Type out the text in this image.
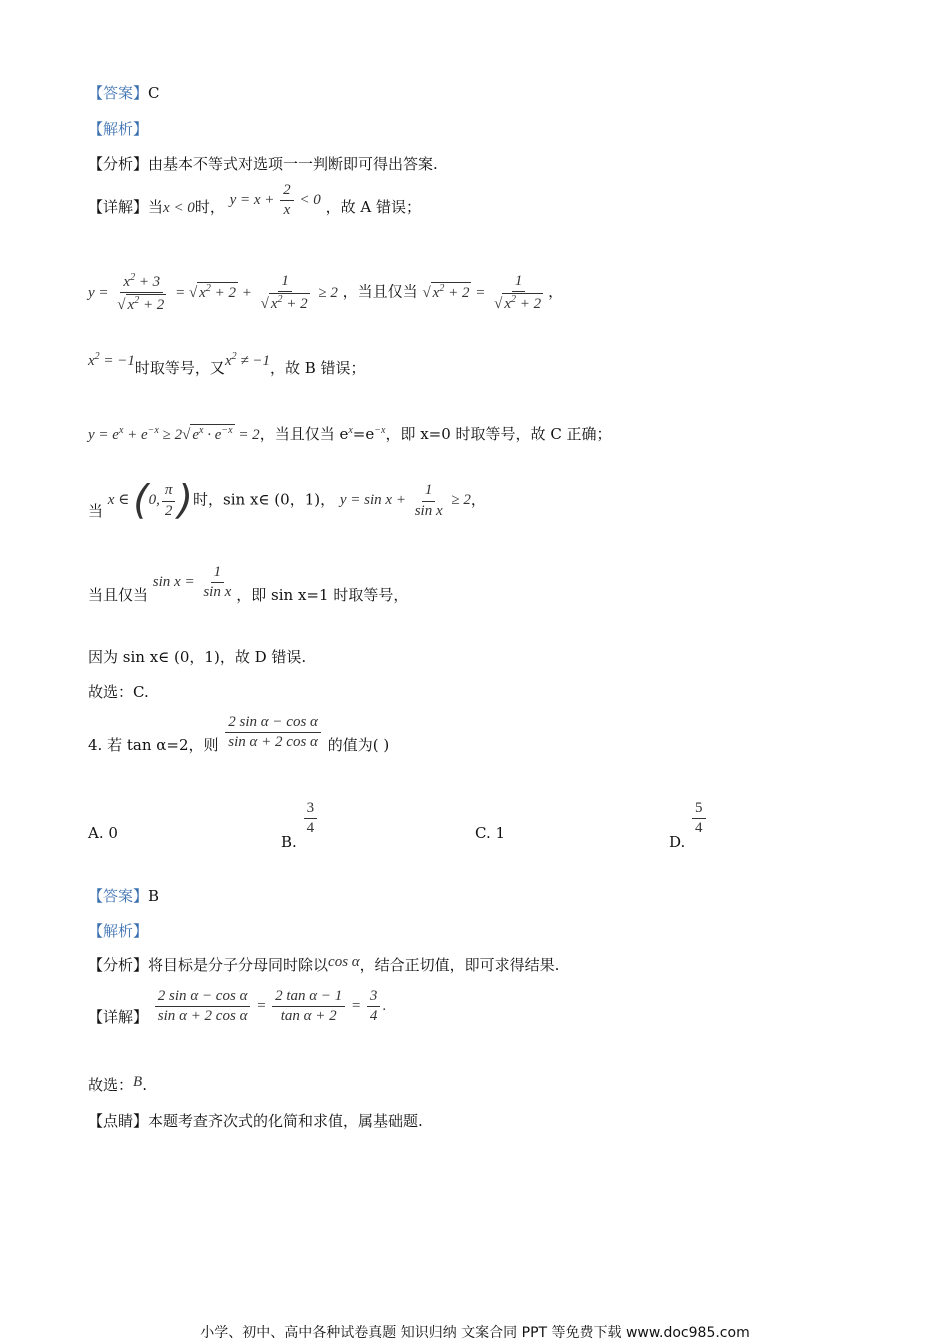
【答案】C
【解析】
【分析】由基本不等式对选项一一判断即可得出答案.
【详解】当x < 0时， $y = x + \frac{2}{x} < 0$ ，故 A 错误；
$y = \frac{x^2 + 3}{√ x^2 + 2}$ = √ $x^2 + 2 + \frac{1}{√ x^2 + 2} \ge 2$ ，当且仅当 √ $x^2 + 2 = \frac{1}{√ x^2 + 2}$ ，
$x^2 = -1$时取等号，又$x^2 \ne -1$，故 B 错误；
$y = e^x + e^{-x} \ge 2√$ $e^x \cdot e^{-x} = 2$，当且仅当 $e^x=e^{-x}$，即 x=0 时取等号，故 C 正确；
当 x ∈ (0, $\frac{\pi}{2}$ )时，sin x∈ (0，1)， $y = \sin x + \frac{1}{\text{sin x}} \ge 2$，
当且仅当 $\sin x = \frac{1}{\text{sin x}}$ ，即 sin x=1 时取等号，
因为 sin x∈ (0，1)，故 D 错误.
故选：C.
4. 若 tan α=2，则 $\frac{\text{2 sin α − cos α}}{\text{sin α + 2 cos α}}$ 的值为( )
A. 0	B.
$\frac{3}{4}$	C. 1	D.
$\frac{5}{4}$
【答案】B
【解析】
【分析】将目标是分子分母同时除以cos α，结合正切值，即可求得结果.
【详解】 $\frac{\text{2 sin α − cos α}}{\text{sin α + 2 cos α}} = \frac{\text{2 tan α − 1}}{\text{tan α + 2}} = \frac{3}{4}$ .
故选：B.
【点睛】本题考查齐次式的化简和求值，属基础题.
小学、初中、高中各种试卷真题 知识归纳 文案合同 PPT 等免费下载 www.doc985.com
